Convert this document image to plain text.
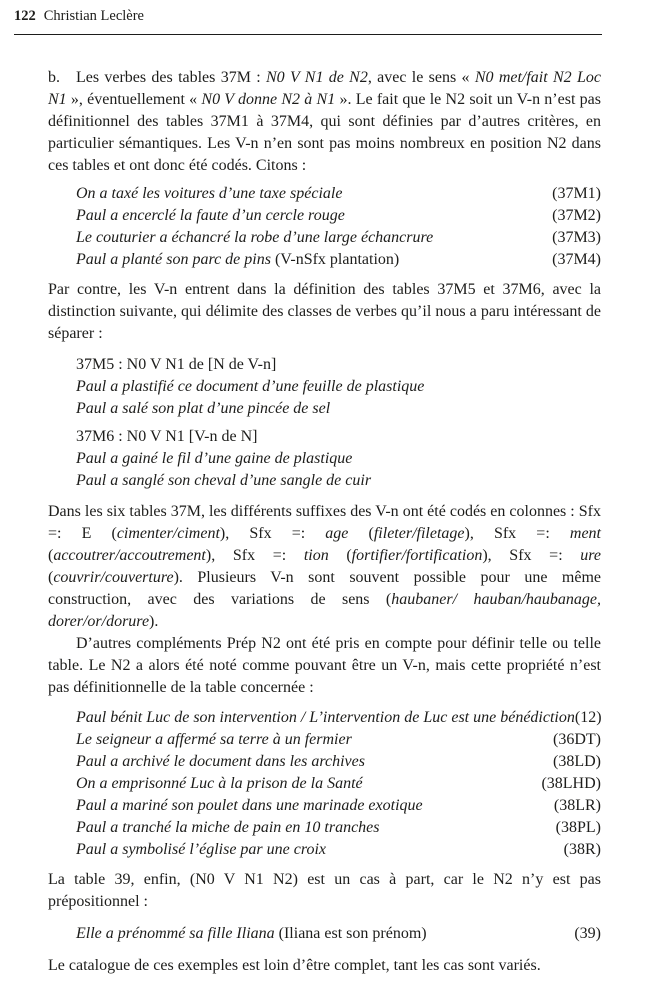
122 Christian Leclère

b.   Les verbes des tables 37M : N0 V N1 de N2, avec le sens « N0 met/fait N2 Loc N1 », éventuellement « N0 V donne N2 à N1 ». Le fait que le N2 soit un V-n n’est pas définitionnel des tables 37M1 à 37M4, qui sont définies par d’autres critères, en particulier sémantiques. Les V-n n’en sont pas moins nombreux en position N2 dans ces tables et ont donc été codés. Citons :

On a taxé les voitures d’une taxe spéciale	(37M1)
Paul a encerclé la faute d’un cercle rouge	(37M2)
Le couturier a échancré la robe d’une large échancrure	(37M3)
Paul a planté son parc de pins (V-nSfx plantation)	(37M4)

Par contre, les V-n entrent dans la définition des tables 37M5 et 37M6, avec la distinction suivante, qui délimite des classes de verbes qu’il nous a paru intéressant de séparer :

37M5 : N0 V N1 de [N de V-n]
Paul a plastifié ce document d’une feuille de plastique
Paul a salé son plat d’une pincée de sel
37M6 : N0 V N1 [V-n de N]
Paul a gainé le fil d’une gaine de plastique
Paul a sanglé son cheval d’une sangle de cuir

Dans les six tables 37M, les différents suffixes des V-n ont été codés en colonnes : Sfx =: E (cimenter/ciment), Sfx =: age (fileter/filetage), Sfx =: ment (accoutrer/accoutrement), Sfx =: tion (fortifier/fortification), Sfx =: ure (couvrir/couverture). Plusieurs V-n sont souvent possible pour une même construction, avec des variations de sens (haubaner/ hauban/haubanage, dorer/or/dorure).

D’autres compléments Prép N2 ont été pris en compte pour définir telle ou telle table. Le N2 a alors été noté comme pouvant être un V-n, mais cette propriété n’est pas définitionnelle de la table concernée :

Paul bénit Luc de son intervention / L’intervention de Luc est une bénédiction (12)
Le seigneur a affermé sa terre à un fermier	(36DT)
Paul a archivé le document dans les archives	(38LD)
On a emprisonné Luc à la prison de la Santé	(38LHD)
Paul a mariné son poulet dans une marinade exotique	(38LR)
Paul a tranché la miche de pain en 10 tranches	(38PL)
Paul a symbolisé l’église par une croix	(38R)

La table 39, enfin, (N0 V N1 N2) est un cas à part, car le N2 n’y est pas prépositionnel :

Elle a prénommé sa fille Iliana (Iliana est son prénom)	(39)

Le catalogue de ces exemples est loin d’être complet, tant les cas sont variés.
